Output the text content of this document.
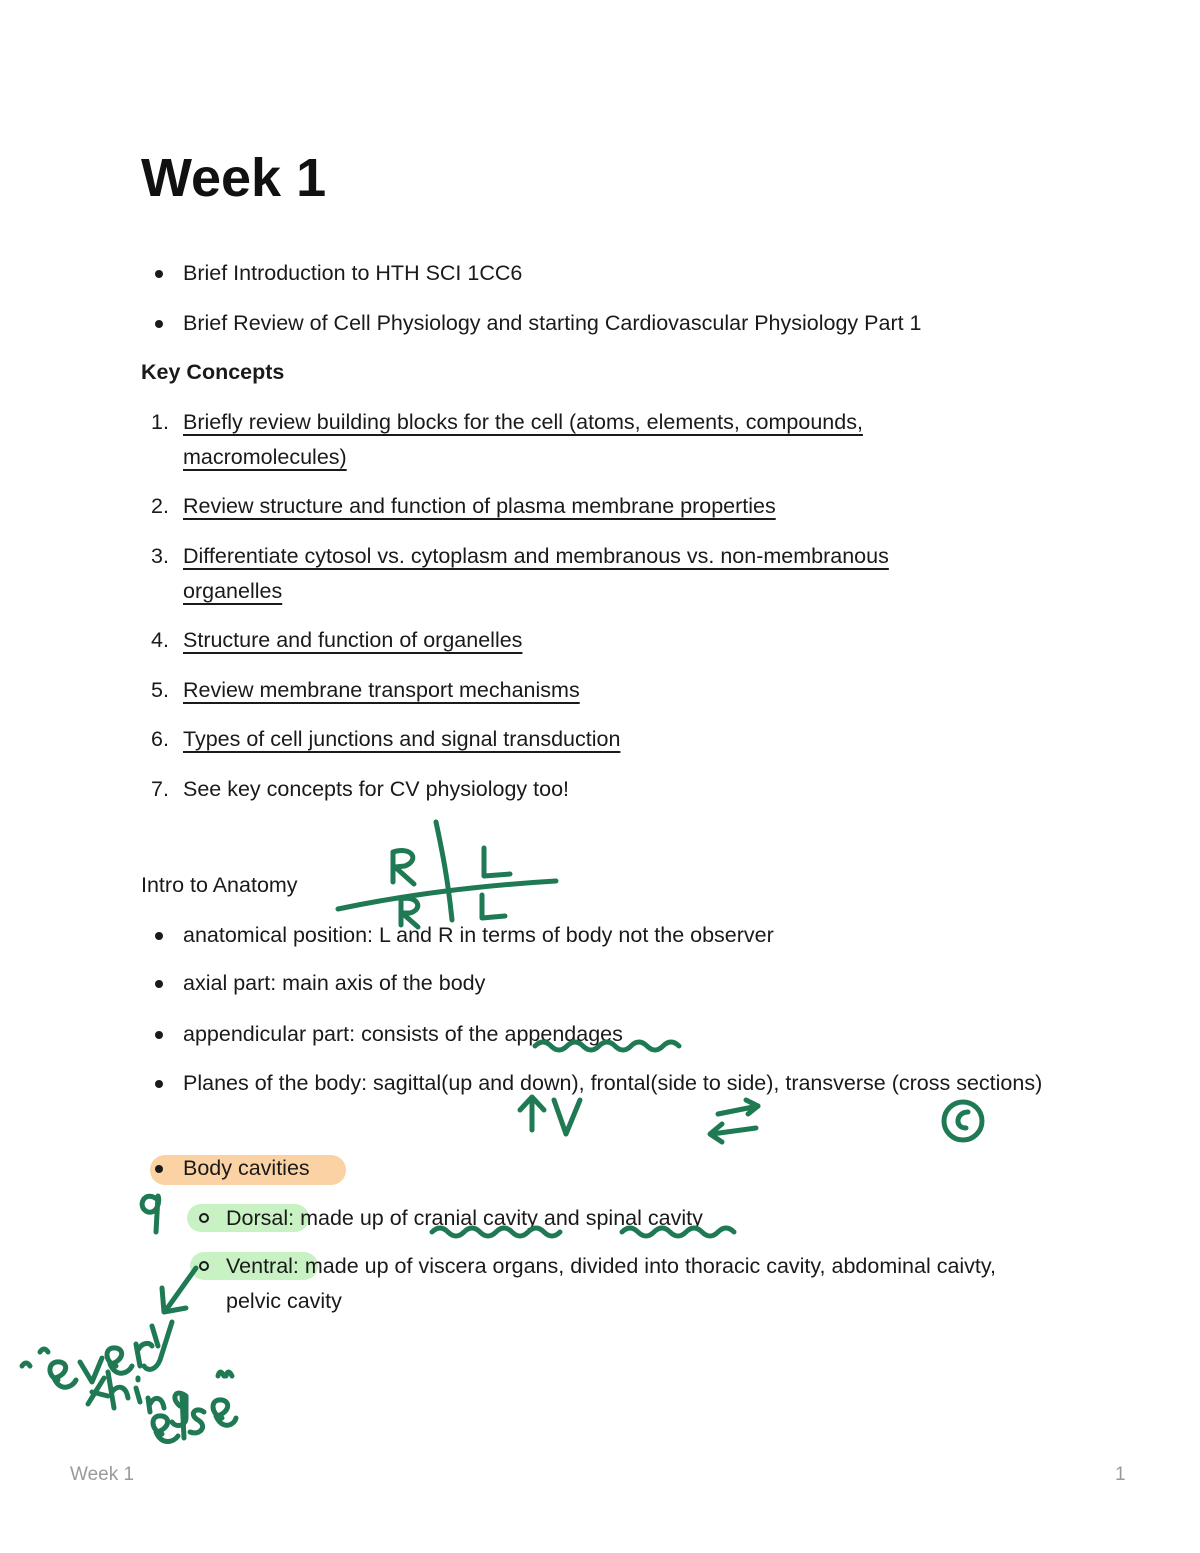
Week 1
Brief Introduction to HTH SCI 1CC6
Brief Review of Cell Physiology and starting Cardiovascular Physiology Part 1
Key Concepts
1. Briefly review building blocks for the cell (atoms, elements, compounds, macromolecules)
2. Review structure and function of plasma membrane properties
3. Differentiate cytosol vs. cytoplasm and membranous vs. non-membranous organelles
4. Structure and function of organelles
5. Review membrane transport mechanisms
6. Types of cell junctions and signal transduction
7. See key concepts for CV physiology too!
Intro to Anatomy
anatomical position: L and R in terms of body not the observer
axial part: main axis of the body
appendicular part: consists of the appendages
Planes of the body: sagittal(up and down), frontal(side to side), transverse (cross sections)
Body cavities
Dorsal: made up of cranial cavity and spinal cavity
Ventral: made up of viscera organs, divided into thoracic cavity, abdominal caivty, pelvic cavity
Week 1	1
